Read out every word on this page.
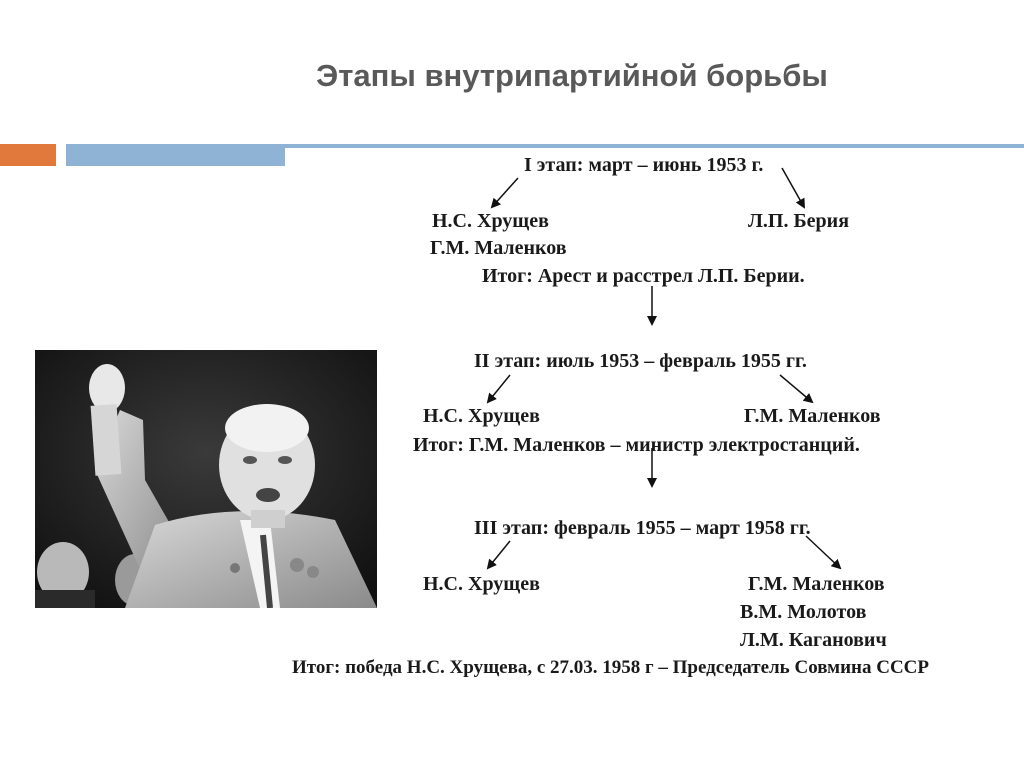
Этапы внутрипартийной борьбы
I этап: март – июнь 1953 г.
Н.С. Хрущев
Г.М. Маленков
Л.П. Берия
Итог: Арест и расстрел Л.П. Берии.
II этап: июль 1953 – февраль 1955 гг.
Н.С. Хрущев	Г.М. Маленков
Итог: Г.М. Маленков – министр электростанций.
III этап: февраль 1955 – март 1958 гг.
Н.С. Хрущев	Г.М. Маленков
В.М. Молотов
Л.М. Каганович
Итог: победа Н.С. Хрущева, с 27.03. 1958 г – Председатель Совмина СССР
